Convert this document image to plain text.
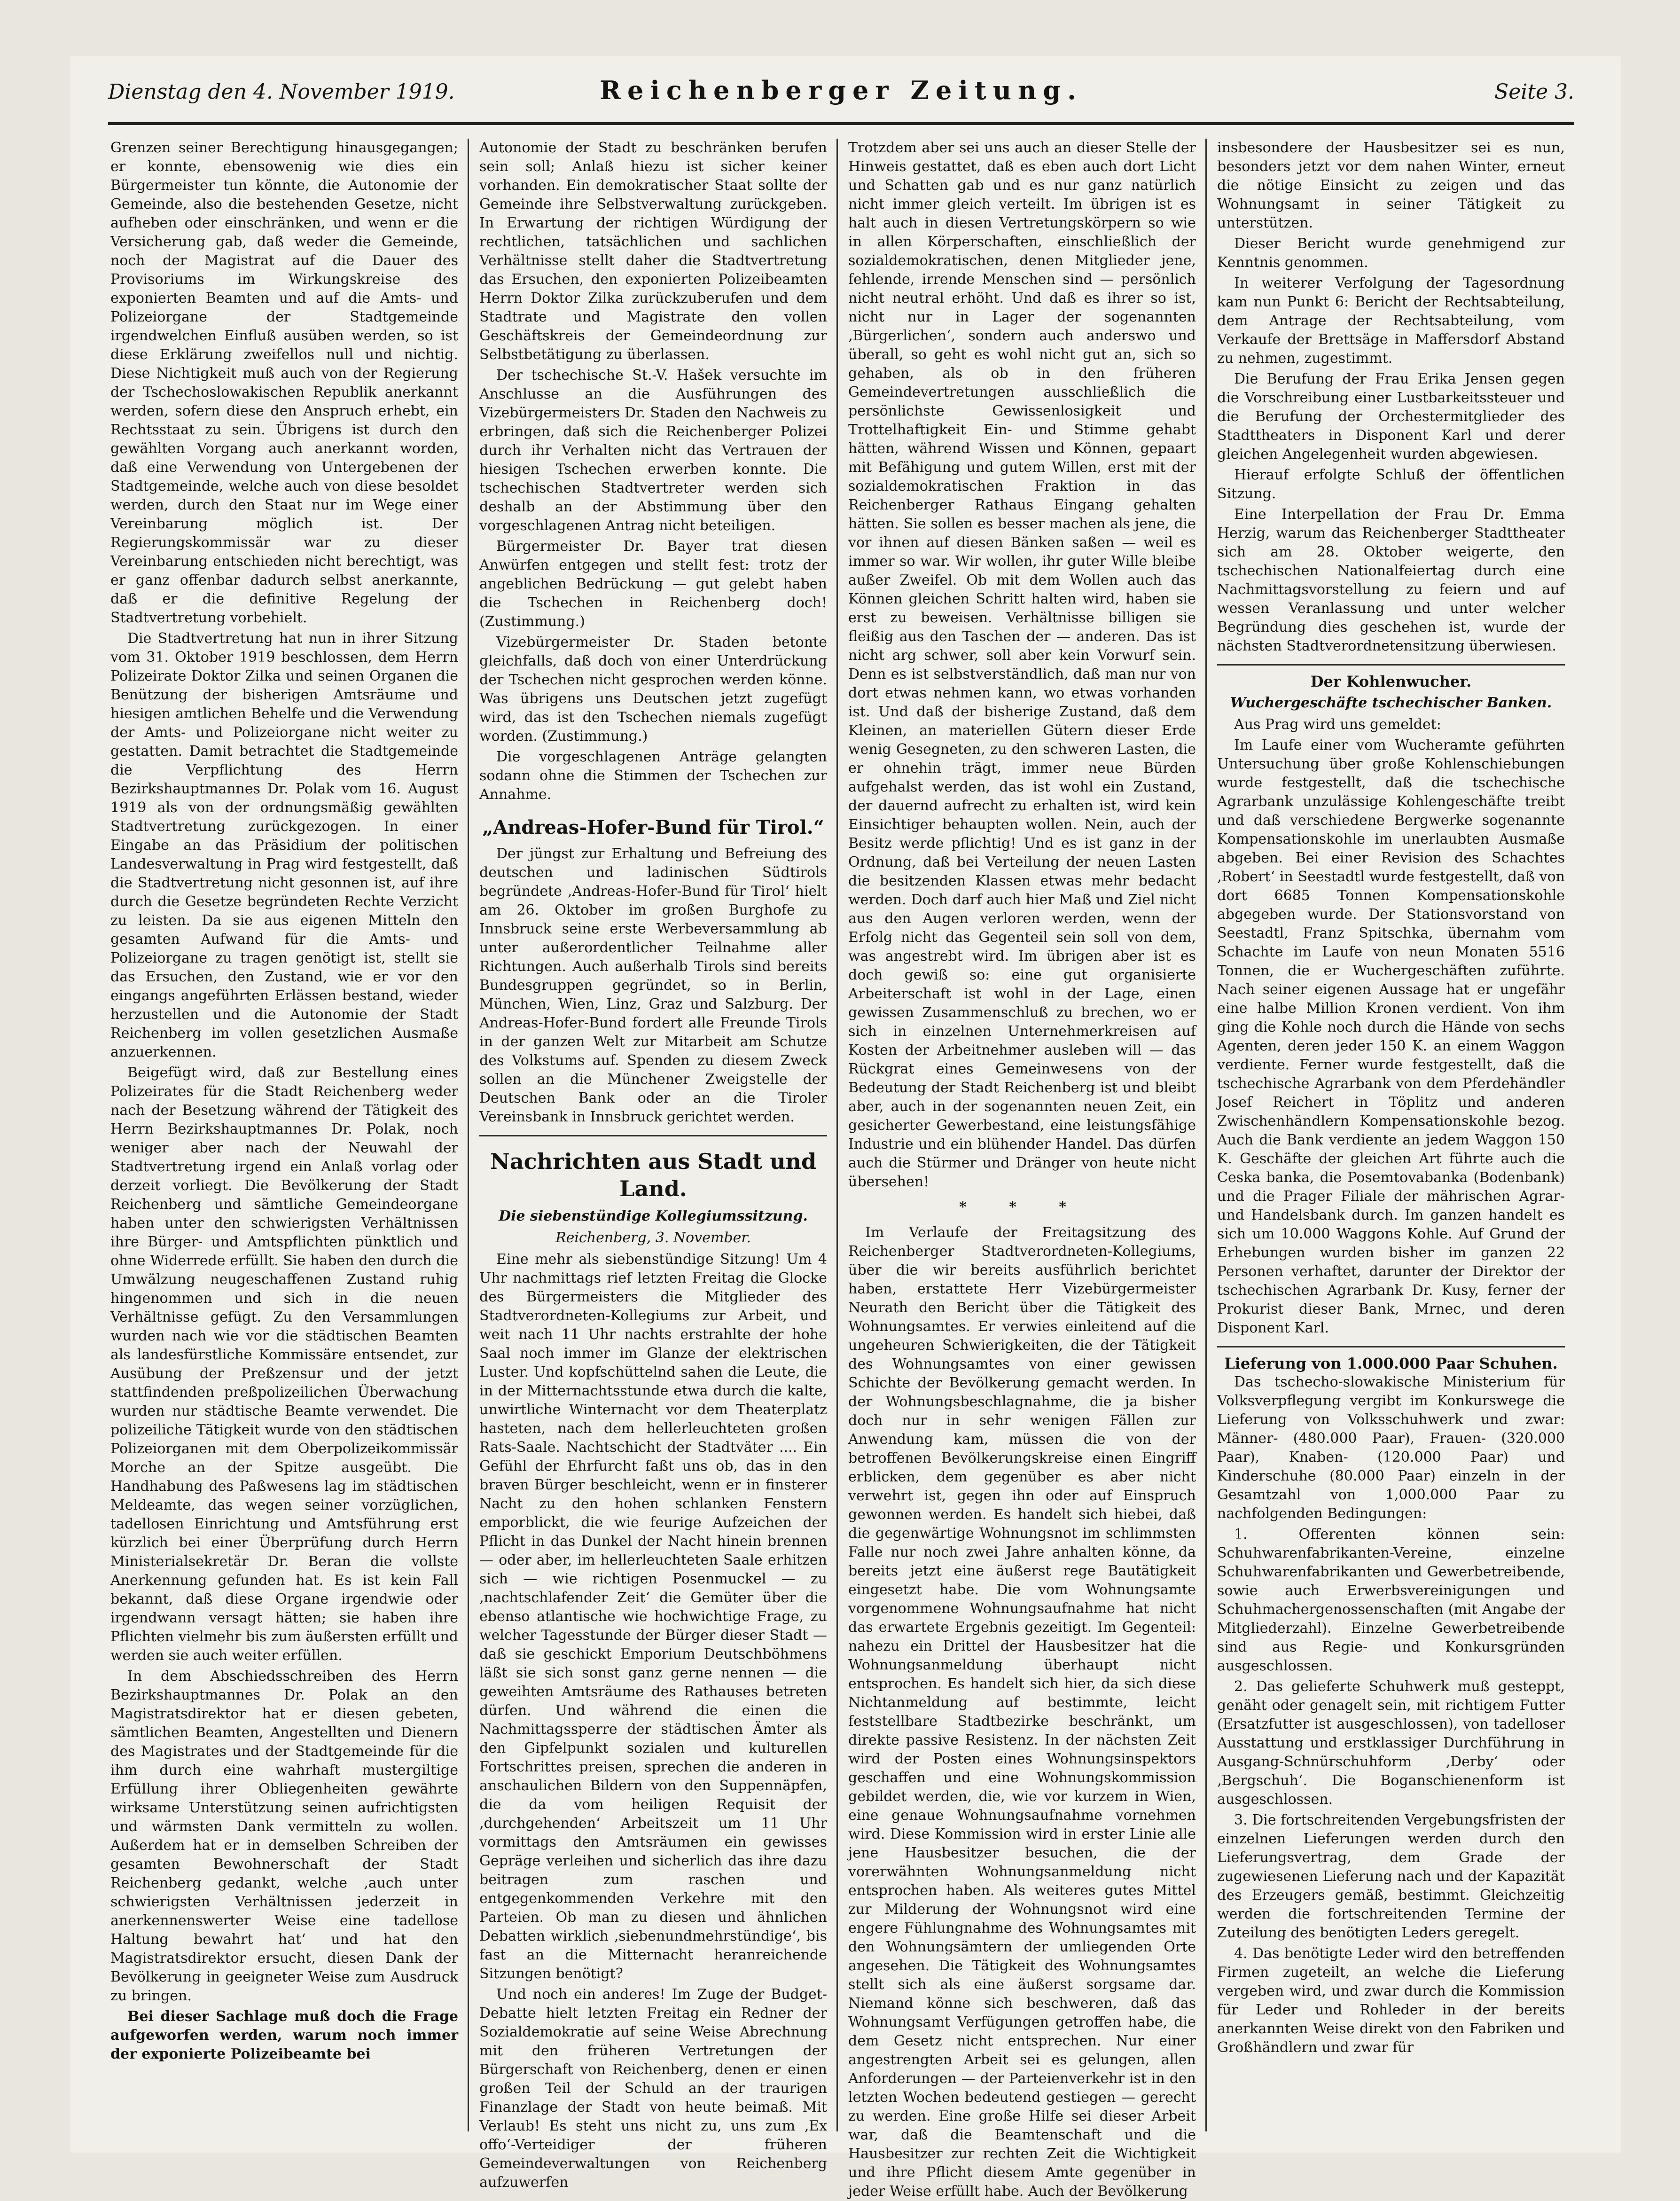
Dienstag den 4. November 1919.	Reichenberger Zeitung.	Seite 3.

Grenzen seiner Berechtigung hinausgegangen; er konnte, ebensowenig wie dies ein Bürgermeister tun könnte, die Autonomie der Gemeinde, also die bestehenden Gesetze, nicht aufheben oder einschränken, und wenn er die Versicherung gab, daß weder die Gemeinde, noch der Magistrat auf die Dauer des Provisoriums im Wirkungskreise des exponierten Beamten und auf die Amts- und Polizeiorgane der Stadtgemeinde irgendwelchen Einfluß ausüben werden, so ist diese Erklärung zweifellos null und nichtig. Diese Nichtigkeit muß auch von der Regierung der Tschechoslowakischen Republik anerkannt werden, sofern diese den Anspruch erhebt, ein Rechtsstaat zu sein. Übrigens ist durch den gewählten Vorgang auch anerkannt worden, daß eine Verwendung von Untergebenen der Stadtgemeinde, welche auch von diese besoldet werden, durch den Staat nur im Wege einer Vereinbarung möglich ist. Der Regierungskommissär war zu dieser Vereinbarung entschieden nicht berechtigt, was er ganz offenbar dadurch selbst anerkannte, daß er die definitive Regelung der Stadtvertretung vorbehielt.

Die Stadtvertretung hat nun in ihrer Sitzung vom 31. Oktober 1919 beschlossen, dem Herrn Polizeirate Doktor Zilka und seinen Organen die Benützung der bisherigen Amtsräume und hiesigen amtlichen Behelfe und die Verwendung der Amts- und Polizeiorgane nicht weiter zu gestatten. Damit betrachtet die Stadtgemeinde die Verpflichtung des Herrn Bezirkshauptmannes Dr. Polak vom 16. August 1919 als von der ordnungsmäßig gewählten Stadtvertretung zurückgezogen. In einer Eingabe an das Präsidium der politischen Landesverwaltung in Prag wird festgestellt, daß die Stadtvertretung nicht gesonnen ist, auf ihre durch die Gesetze begründeten Rechte Verzicht zu leisten. Da sie aus eigenen Mitteln den gesamten Aufwand für die Amts- und Polizeiorgane zu tragen genötigt ist, stellt sie das Ersuchen, den Zustand, wie er vor den eingangs angeführten Erlässen bestand, wieder herzustellen und die Autonomie der Stadt Reichenberg im vollen gesetzlichen Ausmaße anzuerkennen.

Beigefügt wird, daß zur Bestellung eines Polizeirates für die Stadt Reichenberg weder nach der Besetzung während der Tätigkeit des Herrn Bezirkshauptmannes Dr. Polak, noch weniger aber nach der Neuwahl der Stadtvertretung irgend ein Anlaß vorlag oder derzeit vorliegt. Die Bevölkerung der Stadt Reichenberg und sämtliche Gemeindeorgane haben unter den schwierigsten Verhältnissen ihre Bürger- und Amtspflichten pünktlich und ohne Widerrede erfüllt. Sie haben den durch die Umwälzung neugeschaffenen Zustand ruhig hingenommen und sich in die neuen Verhältnisse gefügt. Zu den Versammlungen wurden nach wie vor die städtischen Beamten als landesfürstliche Kommissäre entsendet, zur Ausübung der Preßzensur und der jetzt stattfindenden preßpolizeilichen Überwachung wurden nur städtische Beamte verwendet. Die polizeiliche Tätigkeit wurde von den städtischen Polizeiorganen mit dem Oberpolizeikommissär Morche an der Spitze ausgeübt. Die Handhabung des Paßwesens lag im städtischen Meldeamte, das wegen seiner vorzüglichen, tadellosen Einrichtung und Amtsführung erst kürzlich bei einer Überprüfung durch Herrn Ministerialsekretär Dr. Beran die vollste Anerkennung gefunden hat. Es ist kein Fall bekannt, daß diese Organe irgendwie oder irgendwann versagt hätten; sie haben ihre Pflichten vielmehr bis zum äußersten erfüllt und werden sie auch weiter erfüllen.

In dem Abschiedsschreiben des Herrn Bezirkshauptmannes Dr. Polak an den Magistratsdirektor hat er diesen gebeten, sämtlichen Beamten, Angestellten und Dienern des Magistrates und der Stadtgemeinde für die ihm durch eine wahrhaft mustergiltige Erfüllung ihrer Obliegenheiten gewährte wirksame Unterstützung seinen aufrichtigsten und wärmsten Dank vermitteln zu wollen. Außerdem hat er in demselben Schreiben der gesamten Bewohnerschaft der Stadt Reichenberg gedankt, welche ‚auch unter schwierigsten Verhältnissen jederzeit in anerkennenswerter Weise eine tadellose Haltung bewahrt hat‘ und hat den Magistratsdirektor ersucht, diesen Dank der Bevölkerung in geeigneter Weise zum Ausdruck zu bringen.

Bei dieser Sachlage muß doch die Frage aufgeworfen werden, warum noch immer der exponierte Polizeibeamte bei

Autonomie der Stadt zu beschränken berufen sein soll; Anlaß hiezu ist sicher keiner vorhanden. Ein demokratischer Staat sollte der Gemeinde ihre Selbstverwaltung zurückgeben. In Erwartung der richtigen Würdigung der rechtlichen, tatsächlichen und sachlichen Verhältnisse stellt daher die Stadtvertretung das Ersuchen, den exponierten Polizeibeamten Herrn Doktor Zilka zurückzuberufen und dem Stadtrate und Magistrate den vollen Geschäftskreis der Gemeindeordnung zur Selbstbetätigung zu überlassen.

Der tschechische St.-V. Hašek versuchte im Anschlusse an die Ausführungen des Vizebürgermeisters Dr. Staden den Nachweis zu erbringen, daß sich die Reichenberger Polizei durch ihr Verhalten nicht das Vertrauen der hiesigen Tschechen erwerben konnte. Die tschechischen Stadtvertreter werden sich deshalb an der Abstimmung über den vorgeschlagenen Antrag nicht beteiligen.

Bürgermeister Dr. Bayer trat diesen Anwürfen entgegen und stellt fest: trotz der angeblichen Bedrückung — gut gelebt haben die Tschechen in Reichenberg doch! (Zustimmung.)

Vizebürgermeister Dr. Staden betonte gleichfalls, daß doch von einer Unterdrückung der Tschechen nicht gesprochen werden könne. Was übrigens uns Deutschen jetzt zugefügt wird, das ist den Tschechen niemals zugefügt worden. (Zustimmung.)

Die vorgeschlagenen Anträge gelangten sodann ohne die Stimmen der Tschechen zur Annahme.

„Andreas-Hofer-Bund für Tirol.“

Der jüngst zur Erhaltung und Befreiung des deutschen und ladinischen Südtirols begründete ‚Andreas-Hofer-Bund für Tirol‘ hielt am 26. Oktober im großen Burghofe zu Innsbruck seine erste Werbeversammlung ab unter außerordentlicher Teilnahme aller Richtungen. Auch außerhalb Tirols sind bereits Bundesgruppen gegründet, so in Berlin, München, Wien, Linz, Graz und Salzburg. Der Andreas-Hofer-Bund fordert alle Freunde Tirols in der ganzen Welt zur Mitarbeit am Schutze des Volkstums auf. Spenden zu diesem Zweck sollen an die Münchener Zweigstelle der Deutschen Bank oder an die Tiroler Vereinsbank in Innsbruck gerichtet werden.

Nachrichten aus Stadt und Land.
Die siebenstündige Kollegiumssitzung.
Reichenberg, 3. November.

Eine mehr als siebenstündige Sitzung! Um 4 Uhr nachmittags rief letzten Freitag die Glocke des Bürgermeisters die Mitglieder des Stadtverordneten-Kollegiums zur Arbeit, und weit nach 11 Uhr nachts erstrahlte der hohe Saal noch immer im Glanze der elektrischen Luster. Und kopfschüttelnd sahen die Leute, die in der Mitternachtsstunde etwa durch die kalte, unwirtliche Winternacht vor dem Theaterplatz hasteten, nach dem hellerleuchteten großen Rats-Saale. Nachtschicht der Stadtväter .... Ein Gefühl der Ehrfurcht faßt uns ob, das in den braven Bürger beschleicht, wenn er in finsterer Nacht zu den hohen schlanken Fenstern emporblickt, die wie feurige Aufzeichen der Pflicht in das Dunkel der Nacht hinein brennen — oder aber, im hellerleuchteten Saale erhitzen sich — wie richtigen Posenmuckel — zu ‚nachtschlafender Zeit‘ die Gemüter über die ebenso atlantische wie hochwichtige Frage, zu welcher Tagesstunde der Bürger dieser Stadt — daß sie geschickt Emporium Deutschböhmens läßt sie sich sonst ganz gerne nennen — die geweihten Amtsräume des Rathauses betreten dürfen. Und während die einen die Nachmittagssperre der städtischen Ämter als den Gipfelpunkt sozialen und kulturellen Fortschrittes preisen, sprechen die anderen in anschaulichen Bildern von den Suppennäpfen, die da vom heiligen Requisit der ‚durchgehenden‘ Arbeitszeit um 11 Uhr vormittags den Amtsräumen ein gewisses Gepräge verleihen und sicherlich das ihre dazu beitragen zum raschen und entgegenkommenden Verkehre mit den Parteien. Ob man zu diesen und ähnlichen Debatten wirklich ‚siebenundmehrstündige‘, bis fast an die Mitternacht heranreichende Sitzungen benötigt?

Und noch ein anderes! Im Zuge der Budget-Debatte hielt letzten Freitag ein Redner der Sozialdemokratie auf seine Weise Abrechnung mit den früheren Vertretungen der Bürgerschaft von Reichenberg, denen er einen großen Teil der Schuld an der traurigen Finanzlage der Stadt von heute beimaß. Mit Verlaub! Es steht uns nicht zu, uns zum ‚Ex offo‘-Verteidiger der früheren Gemeindeverwaltungen von Reichenberg aufzuwerfen

Trotzdem aber sei uns auch an dieser Stelle der Hinweis gestattet, daß es eben auch dort Licht und Schatten gab und es nur ganz natürlich nicht immer gleich verteilt. Im übrigen ist es halt auch in diesen Vertretungskörpern so wie in allen Körperschaften, einschließlich der sozialdemokratischen, denen Mitglieder jene, fehlende, irrende Menschen sind — persönlich nicht neutral erhöht. Und daß es ihrer so ist, nicht nur in Lager der sogenannten ‚Bürgerlichen‘, sondern auch anderswo und überall, so geht es wohl nicht gut an, sich so gehaben, als ob in den früheren Gemeindevertretungen ausschließlich die persönlichste Gewissenlosigkeit und Trottelhaftigkeit Ein- und Stimme gehabt hätten, während Wissen und Können, gepaart mit Befähigung und gutem Willen, erst mit der sozialdemokratischen Fraktion in das Reichenberger Rathaus Eingang gehalten hätten. Sie sollen es besser machen als jene, die vor ihnen auf diesen Bänken saßen — weil es immer so war. Wir wollen, ihr guter Wille bleibe außer Zweifel. Ob mit dem Wollen auch das Können gleichen Schritt halten wird, haben sie erst zu beweisen. Verhältnisse billigen sie fleißig aus den Taschen der — anderen. Das ist nicht arg schwer, soll aber kein Vorwurf sein. Denn es ist selbstverständlich, daß man nur von dort etwas nehmen kann, wo etwas vorhanden ist. Und daß der bisherige Zustand, daß dem Kleinen, an materiellen Gütern dieser Erde wenig Gesegneten, zu den schweren Lasten, die er ohnehin trägt, immer neue Bürden aufgehalst werden, das ist wohl ein Zustand, der dauernd aufrecht zu erhalten ist, wird kein Einsichtiger behaupten wollen. Nein, auch der Besitz werde pflichtig! Und es ist ganz in der Ordnung, daß bei Verteilung der neuen Lasten die besitzenden Klassen etwas mehr bedacht werden. Doch darf auch hier Maß und Ziel nicht aus den Augen verloren werden, wenn der Erfolg nicht das Gegenteil sein soll von dem, was angestrebt wird. Im übrigen aber ist es doch gewiß so: eine gut organisierte Arbeiterschaft ist wohl in der Lage, einen gewissen Zusammenschluß zu brechen, wo er sich in einzelnen Unternehmerkreisen auf Kosten der Arbeitnehmer ausleben will — das Rückgrat eines Gemeinwesens von der Bedeutung der Stadt Reichenberg ist und bleibt aber, auch in der sogenannten neuen Zeit, ein gesicherter Gewerbestand, eine leistungsfähige Industrie und ein blühender Handel. Das dürfen auch die Stürmer und Dränger von heute nicht übersehen!

* * *

Im Verlaufe der Freitagsitzung des Reichenberger Stadtverordneten-Kollegiums, über die wir bereits ausführlich berichtet haben, erstattete Herr Vizebürgermeister Neurath den Bericht über die Tätigkeit des Wohnungsamtes. Er verwies einleitend auf die ungeheuren Schwierigkeiten, die der Tätigkeit des Wohnungsamtes von einer gewissen Schichte der Bevölkerung gemacht werden. In der Wohnungsbeschlagnahme, die ja bisher doch nur in sehr wenigen Fällen zur Anwendung kam, müssen die von der betroffenen Bevölkerungskreise einen Eingriff erblicken, dem gegenüber es aber nicht verwehrt ist, gegen ihn oder auf Einspruch gewonnen werden. Es handelt sich hiebei, daß die gegenwärtige Wohnungsnot im schlimmsten Falle nur noch zwei Jahre anhalten könne, da bereits jetzt eine äußerst rege Bautätigkeit eingesetzt habe. Die vom Wohnungsamte vorgenommene Wohnungsaufnahme hat nicht das erwartete Ergebnis gezeitigt. Im Gegenteil: nahezu ein Drittel der Hausbesitzer hat die Wohnungsanmeldung überhaupt nicht entsprochen. Es handelt sich hier, da sich diese Nichtanmeldung auf bestimmte, leicht feststellbare Stadtbezirke beschränkt, um direkte passive Resistenz. In der nächsten Zeit wird der Posten eines Wohnungsinspektors geschaffen und eine Wohnungskommission gebildet werden, die, wie vor kurzem in Wien, eine genaue Wohnungsaufnahme vornehmen wird. Diese Kommission wird in erster Linie alle jene Hausbesitzer besuchen, die der vorerwähnten Wohnungsanmeldung nicht entsprochen haben. Als weiteres gutes Mittel zur Milderung der Wohnungsnot wird eine engere Fühlungnahme des Wohnungsamtes mit den Wohnungsämtern der umliegenden Orte angesehen. Die Tätigkeit des Wohnungsamtes stellt sich als eine äußerst sorgsame dar. Niemand könne sich beschweren, daß das Wohnungsamt Verfügungen getroffen habe, die dem Gesetz nicht entsprechen. Nur einer angestrengten Arbeit sei es gelungen, allen Anforderungen — der Parteienverkehr ist in den letzten Wochen bedeutend gestiegen — gerecht zu werden. Eine große Hilfe sei dieser Arbeit war, daß die Beamtenschaft und die Hausbesitzer zur rechten Zeit die Wichtigkeit und ihre Pflicht diesem Amte gegenüber in jeder Weise erfüllt habe. Auch der Bevölkerung

insbesondere der Hausbesitzer sei es nun, besonders jetzt vor dem nahen Winter, erneut die nötige Einsicht zu zeigen und das Wohnungsamt in seiner Tätigkeit zu unterstützen.

Dieser Bericht wurde genehmigend zur Kenntnis genommen.

In weiterer Verfolgung der Tagesordnung kam nun Punkt 6: Bericht der Rechtsabteilung, dem Antrage der Rechtsabteilung, vom Verkaufe der Brettsäge in Maffersdorf Abstand zu nehmen, zugestimmt.

Die Berufung der Frau Erika Jensen gegen die Vorschreibung einer Lustbarkeitssteuer und die Berufung der Orchestermitglieder des Stadttheaters in Disponent Karl und derer gleichen Angelegenheit wurden abgewiesen.

Hierauf erfolgte Schluß der öffentlichen Sitzung.

Eine Interpellation der Frau Dr. Emma Herzig, warum das Reichenberger Stadttheater sich am 28. Oktober weigerte, den tschechischen Nationalfeiertag durch eine Nachmittagsvorstellung zu feiern und auf wessen Veranlassung und unter welcher Begründung dies geschehen ist, wurde der nächsten Stadtverordnetensitzung überwiesen.

Der Kohlenwucher.
Wuchergeschäfte tschechischer Banken.

Aus Prag wird uns gemeldet:

Im Laufe einer vom Wucheramte geführten Untersuchung über große Kohlenschiebungen wurde festgestellt, daß die tschechische Agrarbank unzulässige Kohlengeschäfte treibt und daß verschiedene Bergwerke sogenannte Kompensationskohle im unerlaubten Ausmaße abgeben. Bei einer Revision des Schachtes ‚Robert‘ in Seestadtl wurde festgestellt, daß von dort 6685 Tonnen Kompensationskohle abgegeben wurde. Der Stationsvorstand von Seestadtl, Franz Spitschka, übernahm vom Schachte im Laufe von neun Monaten 5516 Tonnen, die er Wuchergeschäften zuführte. Nach seiner eigenen Aussage hat er ungefähr eine halbe Million Kronen verdient. Von ihm ging die Kohle noch durch die Hände von sechs Agenten, deren jeder 150 K. an einem Waggon verdiente. Ferner wurde festgestellt, daß die tschechische Agrarbank von dem Pferdehändler Josef Reichert in Töplitz und anderen Zwischenhändlern Kompensationskohle bezog. Auch die Bank verdiente an jedem Waggon 150 K. Geschäfte der gleichen Art führte auch die Ceska banka, die Posemtovabanka (Bodenbank) und die Prager Filiale der mährischen Agrar- und Handelsbank durch. Im ganzen handelt es sich um 10.000 Waggons Kohle. Auf Grund der Erhebungen wurden bisher im ganzen 22 Personen verhaftet, darunter der Direktor der tschechischen Agrarbank Dr. Kusy, ferner der Prokurist dieser Bank, Mrnec, und deren Disponent Karl.

Lieferung von 1.000.000 Paar Schuhen.

Das tschecho-slowakische Ministerium für Volksverpflegung vergibt im Konkurswege die Lieferung von Volksschuhwerk und zwar: Männer- (480.000 Paar), Frauen- (320.000 Paar), Knaben- (120.000 Paar) und Kinderschuhe (80.000 Paar) einzeln in der Gesamtzahl von 1,000.000 Paar zu nachfolgenden Bedingungen:

1. Offerenten können sein: Schuhwarenfabrikanten-Vereine, einzelne Schuhwarenfabrikanten und Gewerbetreibende, sowie auch Erwerbsvereinigungen und Schuhmachergenossenschaften (mit Angabe der Mitgliederzahl). Einzelne Gewerbetreibende sind aus Regie- und Konkursgründen ausgeschlossen.

2. Das gelieferte Schuhwerk muß gesteppt, genäht oder genagelt sein, mit richtigem Futter (Ersatzfutter ist ausgeschlossen), von tadelloser Ausstattung und erstklassiger Durchführung in Ausgang-Schnürschuhform ‚Derby‘ oder ‚Bergschuh‘. Die Boganschienenform ist ausgeschlossen.

3. Die fortschreitenden Vergebungsfristen der einzelnen Lieferungen werden durch den Lieferungsvertrag, dem Grade der zugewiesenen Lieferung nach und der Kapazität des Erzeugers gemäß, bestimmt. Gleichzeitig werden die fortschreitenden Termine der Zuteilung des benötigten Leders geregelt.

4. Das benötigte Leder wird den betreffenden Firmen zugeteilt, an welche die Lieferung vergeben wird, und zwar durch die Kommission für Leder und Rohleder in der bereits anerkannten Weise direkt von den Fabriken und Großhändlern und zwar für
